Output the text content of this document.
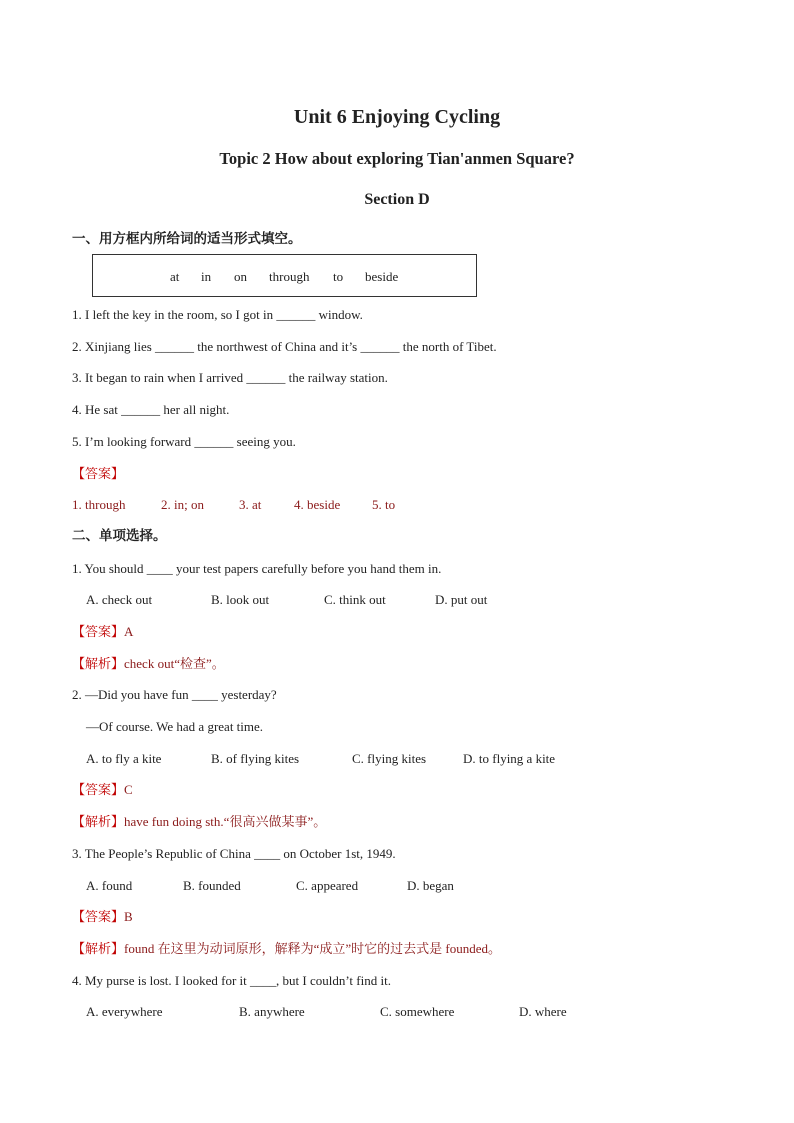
Unit 6 Enjoying Cycling
Topic 2 How about exploring Tian'anmen Square?
Section D
一、用方框内所给词的适当形式填空。
at in on through to beside
1. I left the key in the room, so I got in ______ window.
2. Xinjiang lies ______ the northwest of China and it’s ______ the north of Tibet.
3. It began to rain when I arrived ______ the railway station.
4. He sat ______ her all night.
5. I’m looking forward ______ seeing you.
【答案】
1. through	2. in; on	3. at	4. beside 5. to
二、单项选择。
1. You should ____ your test papers carefully before you hand them in.
A. check out	B. look out	C. think out	D. put out
【答案】A
【解析】check out“检查”。
2. —Did you have fun ____ yesterday?
—Of course. We had a great time.
A. to fly a kite	B. of flying kites	C. flying kites	D. to flying a kite
【答案】C
【解析】have fun doing sth.“很高兴做某事”。
3. The People’s Republic of China ____ on October 1st, 1949.
A. found	B. founded	C. appeared	D. began
【答案】B
【解析】found 在这里为动词原形，解释为“成立”时它的过去式是 founded。
4. My purse is lost. I looked for it ____, but I couldn’t find it.
A. everywhere	B. anywhere	C. somewhere	D. where
